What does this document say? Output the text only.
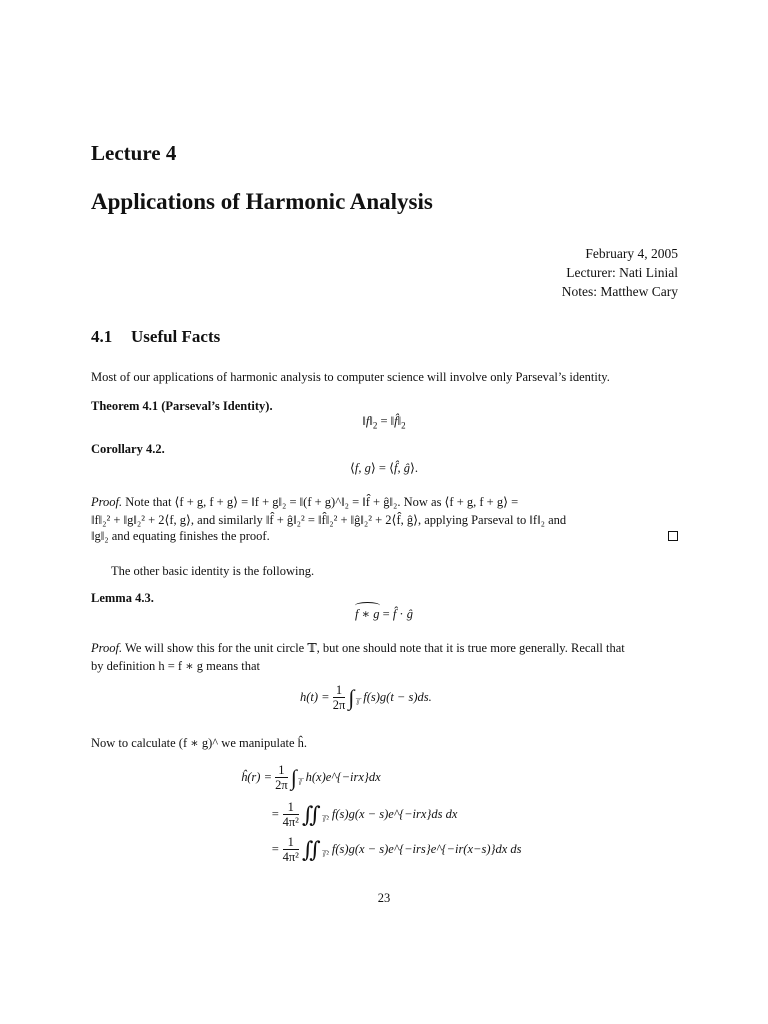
Lecture 4
Applications of Harmonic Analysis
February 4, 2005
Lecturer: Nati Linial
Notes: Matthew Cary
4.1 Useful Facts
Most of our applications of harmonic analysis to computer science will involve only Parseval’s identity.
Theorem 4.1 (Parseval’s Identity).
$‖f‖_2$ = $‖f̂‖_2$
Corollary 4.2.
⟨f, g⟩ = ⟨f̂, ĝ⟩.
Proof. Note that ⟨f + g, f + g⟩ = ‖f + g‖₂ = ‖(f + g)^‖₂ = ‖f̂ + ĝ‖₂. Now as ⟨f + g, f + g⟩ =
‖f‖₂² + ‖g‖₂² + 2⟨f, g⟩, and similarly ‖f̂ + ĝ‖₂² = ‖f̂‖₂² + ‖ĝ‖₂² + 2⟨f̂, ĝ⟩, applying Parseval to ‖f‖₂ and
‖g‖₂ and equating finishes the proof.
The other basic identity is the following.
Lemma 4.3.
f ∗ g = f̂ · ĝ
Proof. We will show this for the unit circle 𝕋, but one should note that it is true more generally. Recall that
by definition h = f ∗ g means that
$h(t) = \frac{1}{2\pi} \int_𝕋$ f(s)g(t − s)ds.
Now to calculate (f ∗ g)^ we manipulate ĥ.
ĥ(r) = $\frac{1}{2\pi} \int_𝕋$ h(x)e^{−irx}dx
= $\frac{1}{\text{4π²}}$ $∬_{𝕋^2}$ f(s)g(x − s)e^{−irx}ds dx
= $\frac{1}{\text{4π²}}$ $∬_{𝕋^2}$ f(s)g(x − s)e^{−irs}e^{−ir(x−s)}dx ds
23
